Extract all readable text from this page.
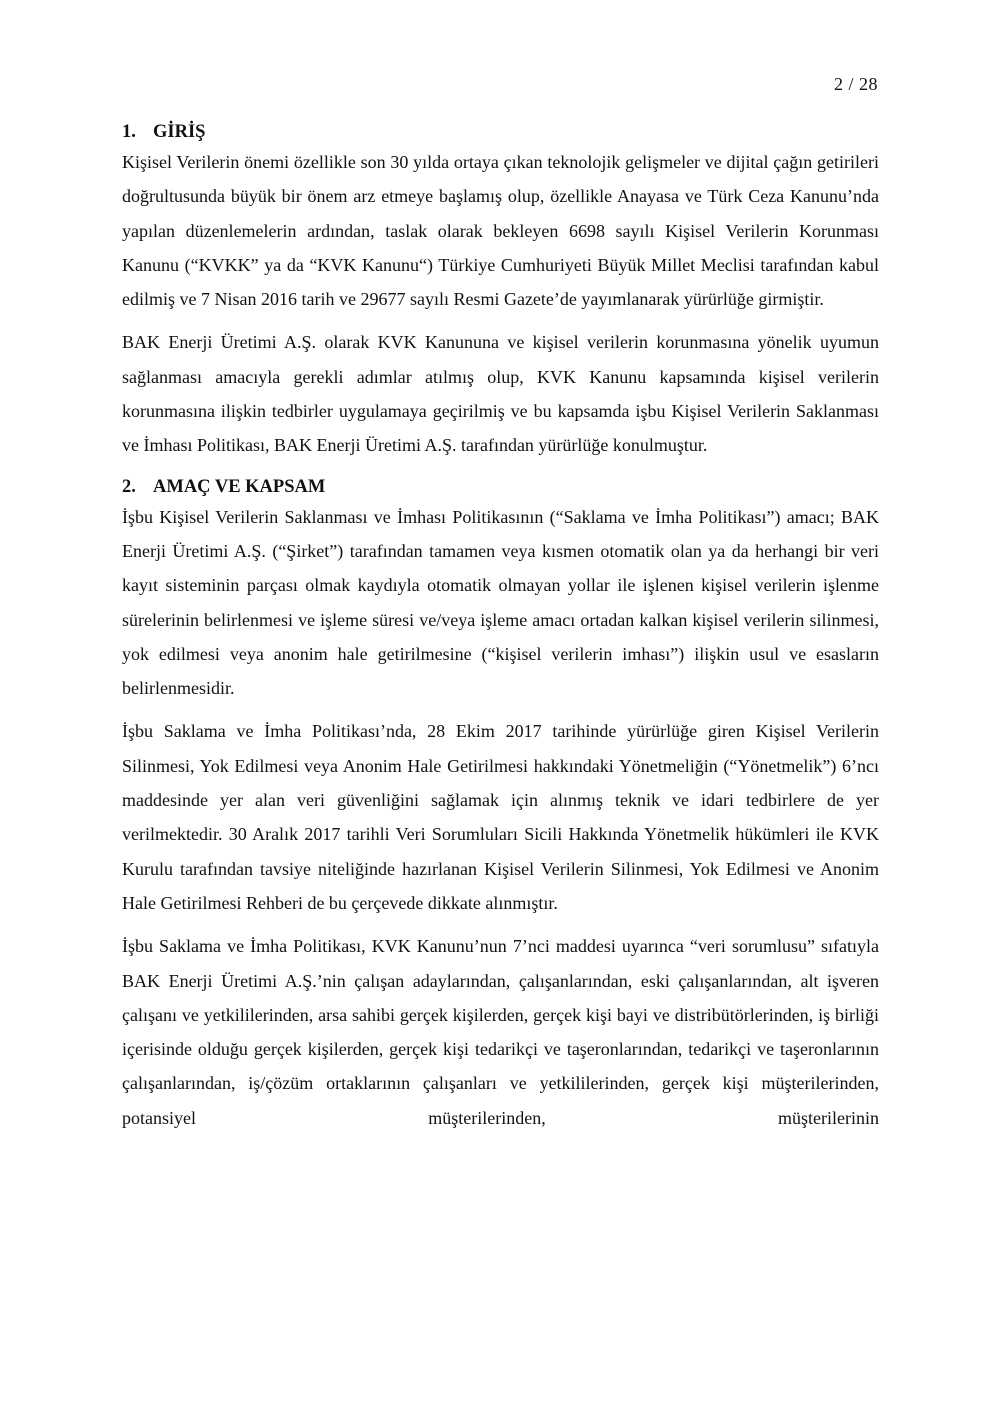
2 / 28
1. GİRİŞ

Kişisel Verilerin önemi özellikle son 30 yılda ortaya çıkan teknolojik gelişmeler ve dijital çağın getirileri doğrultusunda büyük bir önem arz etmeye başlamış olup, özellikle Anayasa ve Türk Ceza Kanunu’nda yapılan düzenlemelerin ardından, taslak olarak bekleyen 6698 sayılı Kişisel Verilerin Korunması Kanunu (“KVKK” ya da “KVK Kanunu“) Türkiye Cumhuriyeti Büyük Millet Meclisi tarafından kabul edilmiş ve 7 Nisan 2016 tarih ve 29677 sayılı Resmi Gazete’de yayımlanarak yürürlüğe girmiştir.

BAK Enerji Üretimi A.Ş. olarak KVK Kanununa ve kişisel verilerin korunmasına yönelik uyumun sağlanması amacıyla gerekli adımlar atılmış olup, KVK Kanunu kapsamında kişisel verilerin korunmasına ilişkin tedbirler uygulamaya geçirilmiş ve bu kapsamda işbu Kişisel Verilerin Saklanması ve İmhası Politikası, BAK Enerji Üretimi A.Ş. tarafından yürürlüğe konulmuştur.

2. AMAÇ VE KAPSAM

İşbu Kişisel Verilerin Saklanması ve İmhası Politikasının (“Saklama ve İmha Politikası”) amacı; BAK Enerji Üretimi A.Ş. (“Şirket”) tarafından tamamen veya kısmen otomatik olan ya da herhangi bir veri kayıt sisteminin parçası olmak kaydıyla otomatik olmayan yollar ile işlenen kişisel verilerin işlenme sürelerinin belirlenmesi ve işleme süresi ve/veya işleme amacı ortadan kalkan kişisel verilerin silinmesi, yok edilmesi veya anonim hale getirilmesine (“kişisel verilerin imhası”) ilişkin usul ve esasların belirlenmesidir.

İşbu Saklama ve İmha Politikası’nda, 28 Ekim 2017 tarihinde yürürlüğe giren Kişisel Verilerin Silinmesi, Yok Edilmesi veya Anonim Hale Getirilmesi hakkındaki Yönetmeliğin (“Yönetmelik”) 6’ncı maddesinde yer alan veri güvenliğini sağlamak için alınmış teknik ve idari tedbirlere de yer verilmektedir. 30 Aralık 2017 tarihli Veri Sorumluları Sicili Hakkında Yönetmelik hükümleri ile KVK Kurulu tarafından tavsiye niteliğinde hazırlanan Kişisel Verilerin Silinmesi, Yok Edilmesi ve Anonim Hale Getirilmesi Rehberi de bu çerçevede dikkate alınmıştır.

İşbu Saklama ve İmha Politikası, KVK Kanunu’nun 7’nci maddesi uyarınca “veri sorumlusu” sıfatıyla BAK Enerji Üretimi A.Ş.’nin çalışan adaylarından, çalışanlarından, eski çalışanlarından, alt işveren çalışanı ve yetkililerinden, arsa sahibi gerçek kişilerden, gerçek kişi bayi ve distribütörlerinden, iş birliği içerisinde olduğu gerçek kişilerden, gerçek kişi tedarikçi ve taşeronlarından, tedarikçi ve taşeronlarının çalışanlarından, iş/çözüm ortaklarının çalışanları ve yetkililerinden, gerçek kişi müşterilerinden, potansiyel müşterilerinden, müşterilerinin
